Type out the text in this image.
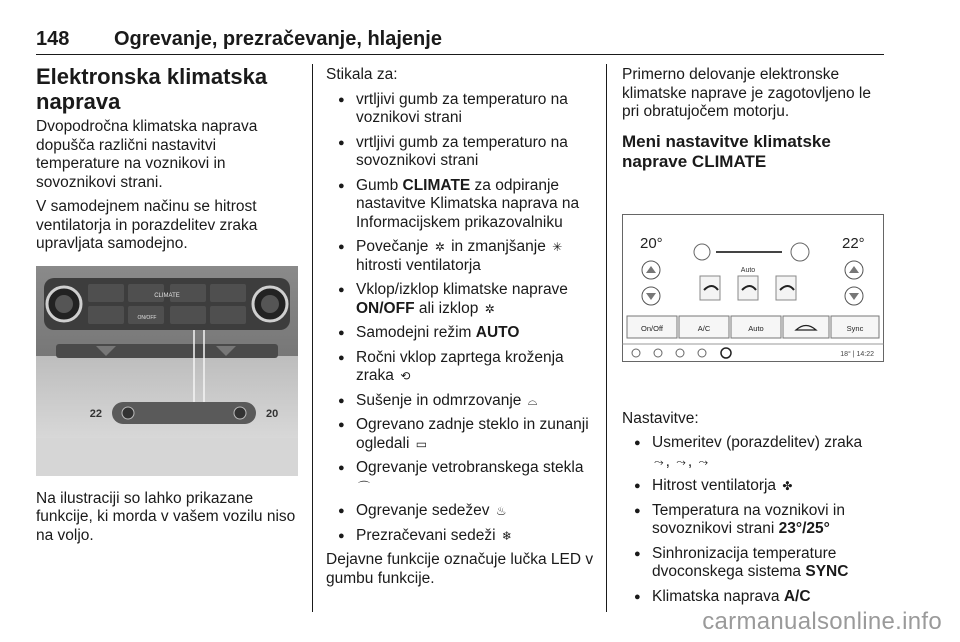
148 Ogrevanje, prezračevanje, hlajenje
Elektronska klimatska naprava

Dvopodročna klimatska naprava dopušča različni nastavitvi temperature na voznikovi in sovoznikovi strani.

V samodejnem načinu se hitrost ventilatorja in porazdelitev zraka upravljata samodejno.

CLIMATE
ON/OFF
22	20

Na ilustraciji so lahko prikazane funkcije, ki morda v vašem vozilu niso na voljo.

Stikala za:

● vrtljivi gumb za temperaturo na voznikovi strani
● vrtljivi gumb za temperaturo na sovoznikovi strani
● Gumb CLIMATE za odpiranje nastavitve Klimatska naprava na Informacijskem prikazovalniku
● Povečanje ✲ in zmanjšanje ✳
hitrosti ventilatorja
● Vklop/izklop klimatske naprave ON/OFF ali izklop ✲
● Samodejni režim AUTO
● Ročni vklop zaprtega kroženja zraka ⟲
● Sušenje in odmrzovanje ⌓
● Ogrevano zadnje steklo in zunanji ogledali ▭
● Ogrevanje vetrobranskega stekla ⌒
● Ogrevanje sedežev ♨
● Prezračevani sedeži ❄

Dejavne funkcije označuje lučka LED v gumbu funkcije.

Primerno delovanje elektronske klimatske naprave je zagotovljeno le pri obratujočem motorju.

Meni nastavitve klimatske naprave CLIMATE
20°	22°
Auto
On/Off	A/C	Auto	Sync
18° | 14:22

Nastavitve:

● Usmeritev (porazdelitev) zraka
⤳ , ⤳ , ⤳
● Hitrost ventilatorja ✤
● Temperatura na voznikovi in sovoznikovi strani 23°/25°
● Sinhronizacija temperature dvoconskega sistema SYNC
● Klimatska naprava A/C
carmanualsonline.info
